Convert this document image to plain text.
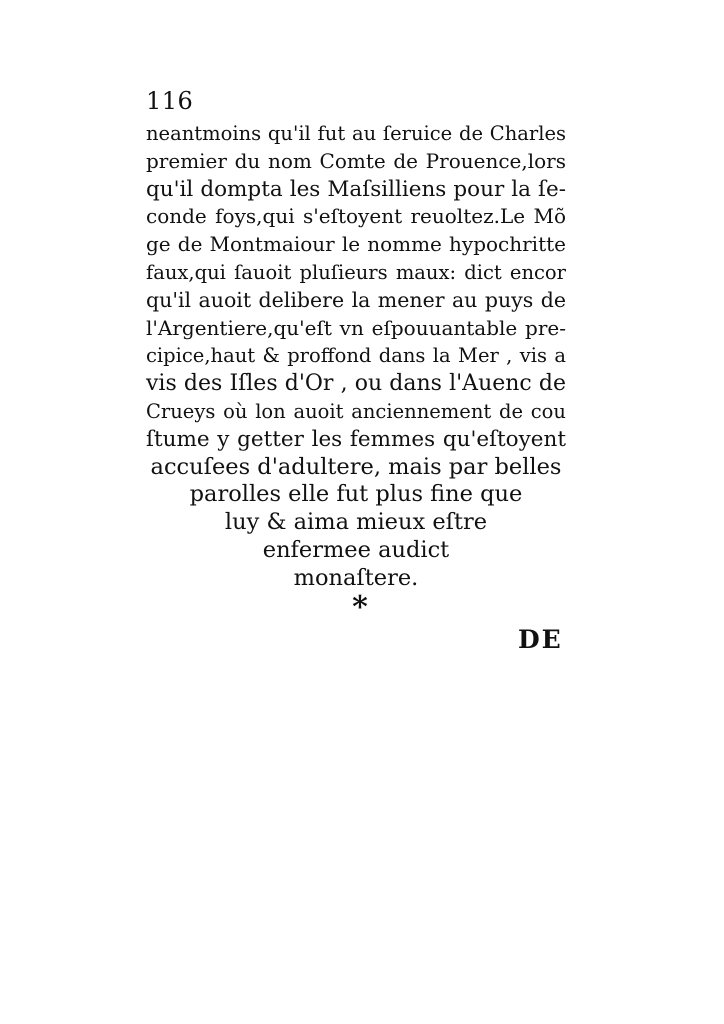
116
neantmoins qu'il fut au ſeruice de Charles
premier du nom Comte de Prouence,lors
qu'il dompta les Maſsilliens pour la ſe-
conde foys,qui s'eſtoyent reuoltez.Le Mõ
ge de Montmaiour le nomme hypochritte
faux,qui ſauoit pluſieurs maux: dict encor
qu'il auoit delibere la mener au puys de
l'Argentiere,qu'eſt vn eſpouuantable pre-
cipice,haut & proffond dans la Mer , vis a
vis des Iſles d'Or , ou dans l'Auenc de
Crueys où lon auoit anciennement de cou
ſtume y getter les femmes qu'eſtoyent
accuſees d'adultere, mais par belles
parolles elle fut plus fine que
luy & aima mieux eſtre
enfermee audict
monaſtere.
*
DE
